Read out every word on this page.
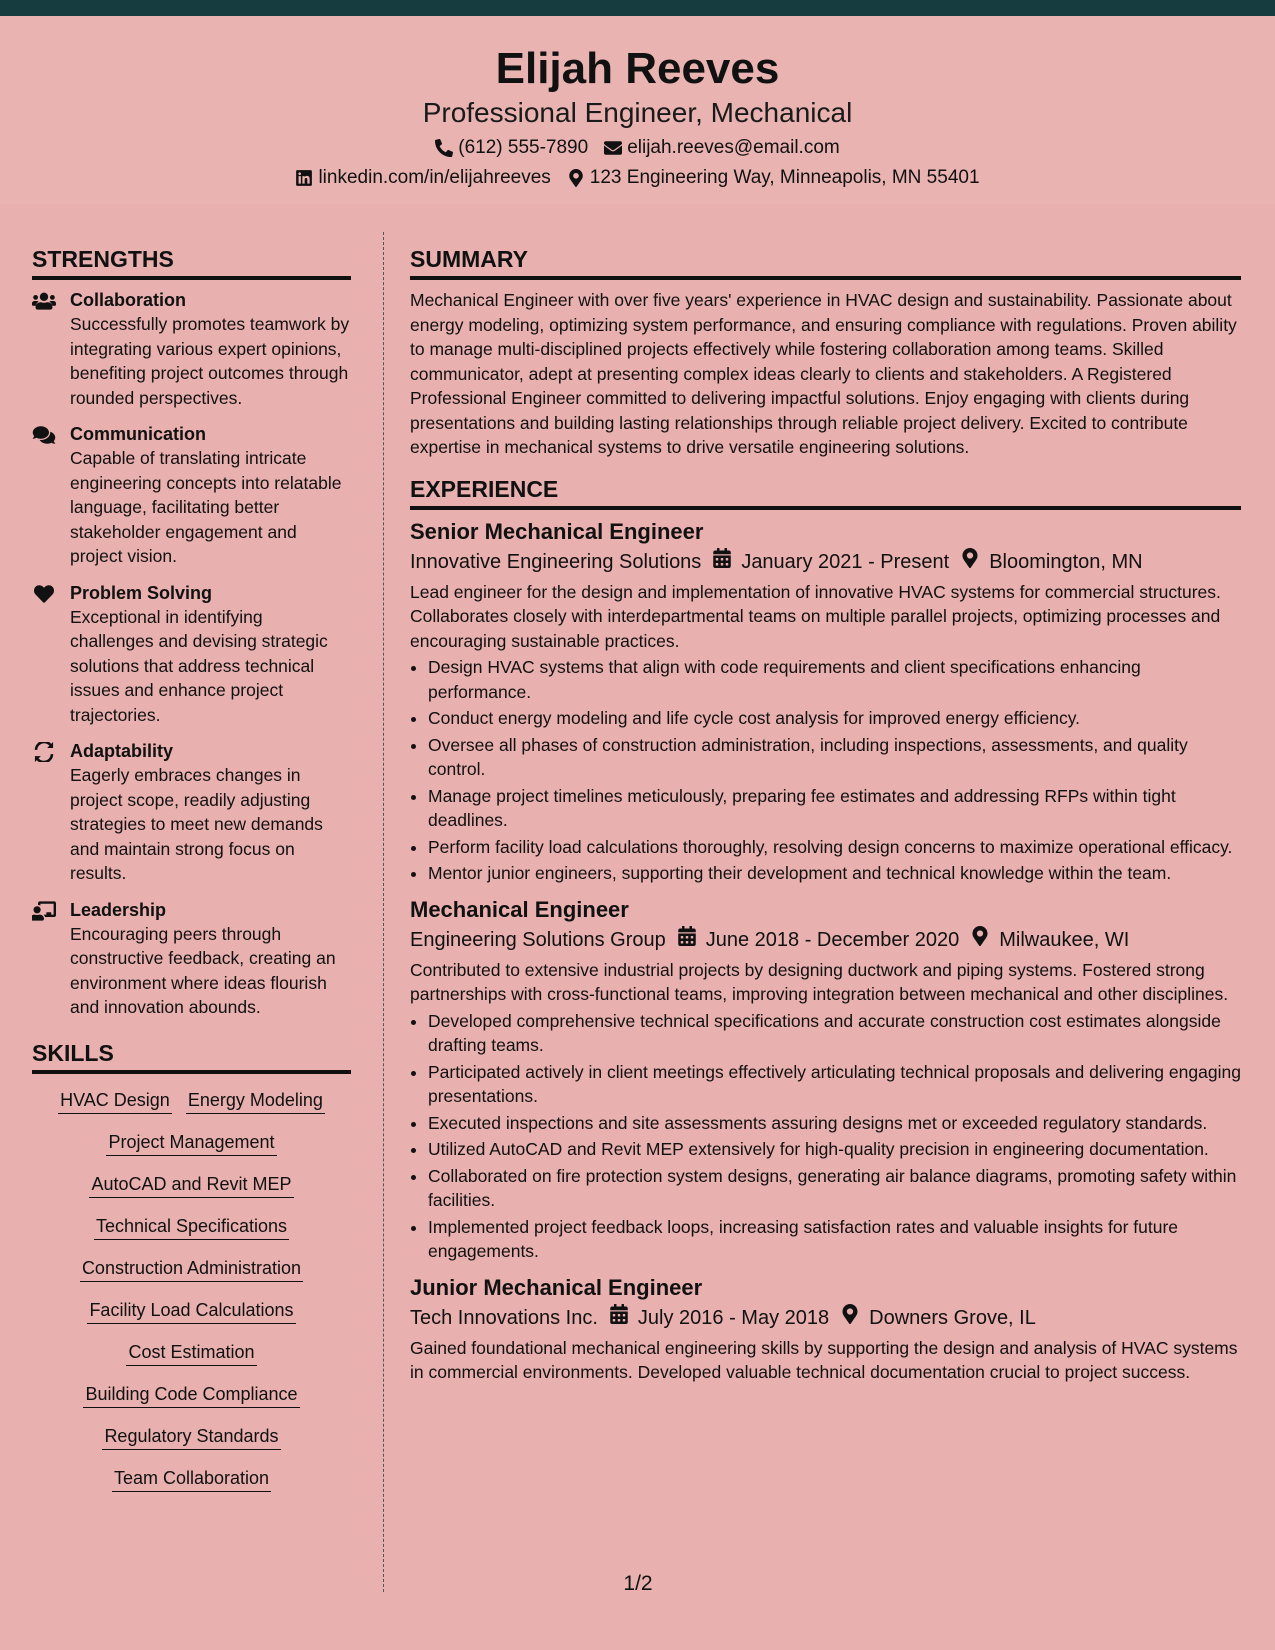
Elijah Reeves
Professional Engineer, Mechanical
(612) 555-7890 elijah.reeves@email.com
linkedin.com/in/elijahreeves 123 Engineering Way, Minneapolis, MN 55401
STRENGTHS
Collaboration
Successfully promotes teamwork by integrating various expert opinions, benefiting project outcomes through rounded perspectives.
Communication
Capable of translating intricate engineering concepts into relatable language, facilitating better stakeholder engagement and project vision.
Problem Solving
Exceptional in identifying challenges and devising strategic solutions that address technical issues and enhance project trajectories.
Adaptability
Eagerly embraces changes in project scope, readily adjusting strategies to meet new demands and maintain strong focus on results.
Leadership
Encouraging peers through constructive feedback, creating an environment where ideas flourish and innovation abounds.
SKILLS
HVAC Design Energy Modeling
Project Management
AutoCAD and Revit MEP
Technical Specifications
Construction Administration
Facility Load Calculations
Cost Estimation
Building Code Compliance
Regulatory Standards
Team Collaboration
SUMMARY
Mechanical Engineer with over five years' experience in HVAC design and sustainability. Passionate about energy modeling, optimizing system performance, and ensuring compliance with regulations. Proven ability to manage multi-disciplined projects effectively while fostering collaboration among teams. Skilled communicator, adept at presenting complex ideas clearly to clients and stakeholders. A Registered Professional Engineer committed to delivering impactful solutions. Enjoy engaging with clients during presentations and building lasting relationships through reliable project delivery. Excited to contribute expertise in mechanical systems to drive versatile engineering solutions.
EXPERIENCE
Senior Mechanical Engineer
Innovative Engineering Solutions January 2021 - Present Bloomington, MN
Lead engineer for the design and implementation of innovative HVAC systems for commercial structures. Collaborates closely with interdepartmental teams on multiple parallel projects, optimizing processes and encouraging sustainable practices.
• Design HVAC systems that align with code requirements and client specifications enhancing performance.
• Conduct energy modeling and life cycle cost analysis for improved energy efficiency.
• Oversee all phases of construction administration, including inspections, assessments, and quality control.
• Manage project timelines meticulously, preparing fee estimates and addressing RFPs within tight deadlines.
• Perform facility load calculations thoroughly, resolving design concerns to maximize operational efficacy.
• Mentor junior engineers, supporting their development and technical knowledge within the team.
Mechanical Engineer
Engineering Solutions Group June 2018 - December 2020 Milwaukee, WI
Contributed to extensive industrial projects by designing ductwork and piping systems. Fostered strong partnerships with cross-functional teams, improving integration between mechanical and other disciplines.
• Developed comprehensive technical specifications and accurate construction cost estimates alongside drafting teams.
• Participated actively in client meetings effectively articulating technical proposals and delivering engaging presentations.
• Executed inspections and site assessments assuring designs met or exceeded regulatory standards.
• Utilized AutoCAD and Revit MEP extensively for high-quality precision in engineering documentation.
• Collaborated on fire protection system designs, generating air balance diagrams, promoting safety within facilities.
• Implemented project feedback loops, increasing satisfaction rates and valuable insights for future engagements.
Junior Mechanical Engineer
Tech Innovations Inc. July 2016 - May 2018 Downers Grove, IL
Gained foundational mechanical engineering skills by supporting the design and analysis of HVAC systems in commercial environments. Developed valuable technical documentation crucial to project success.
1/2
